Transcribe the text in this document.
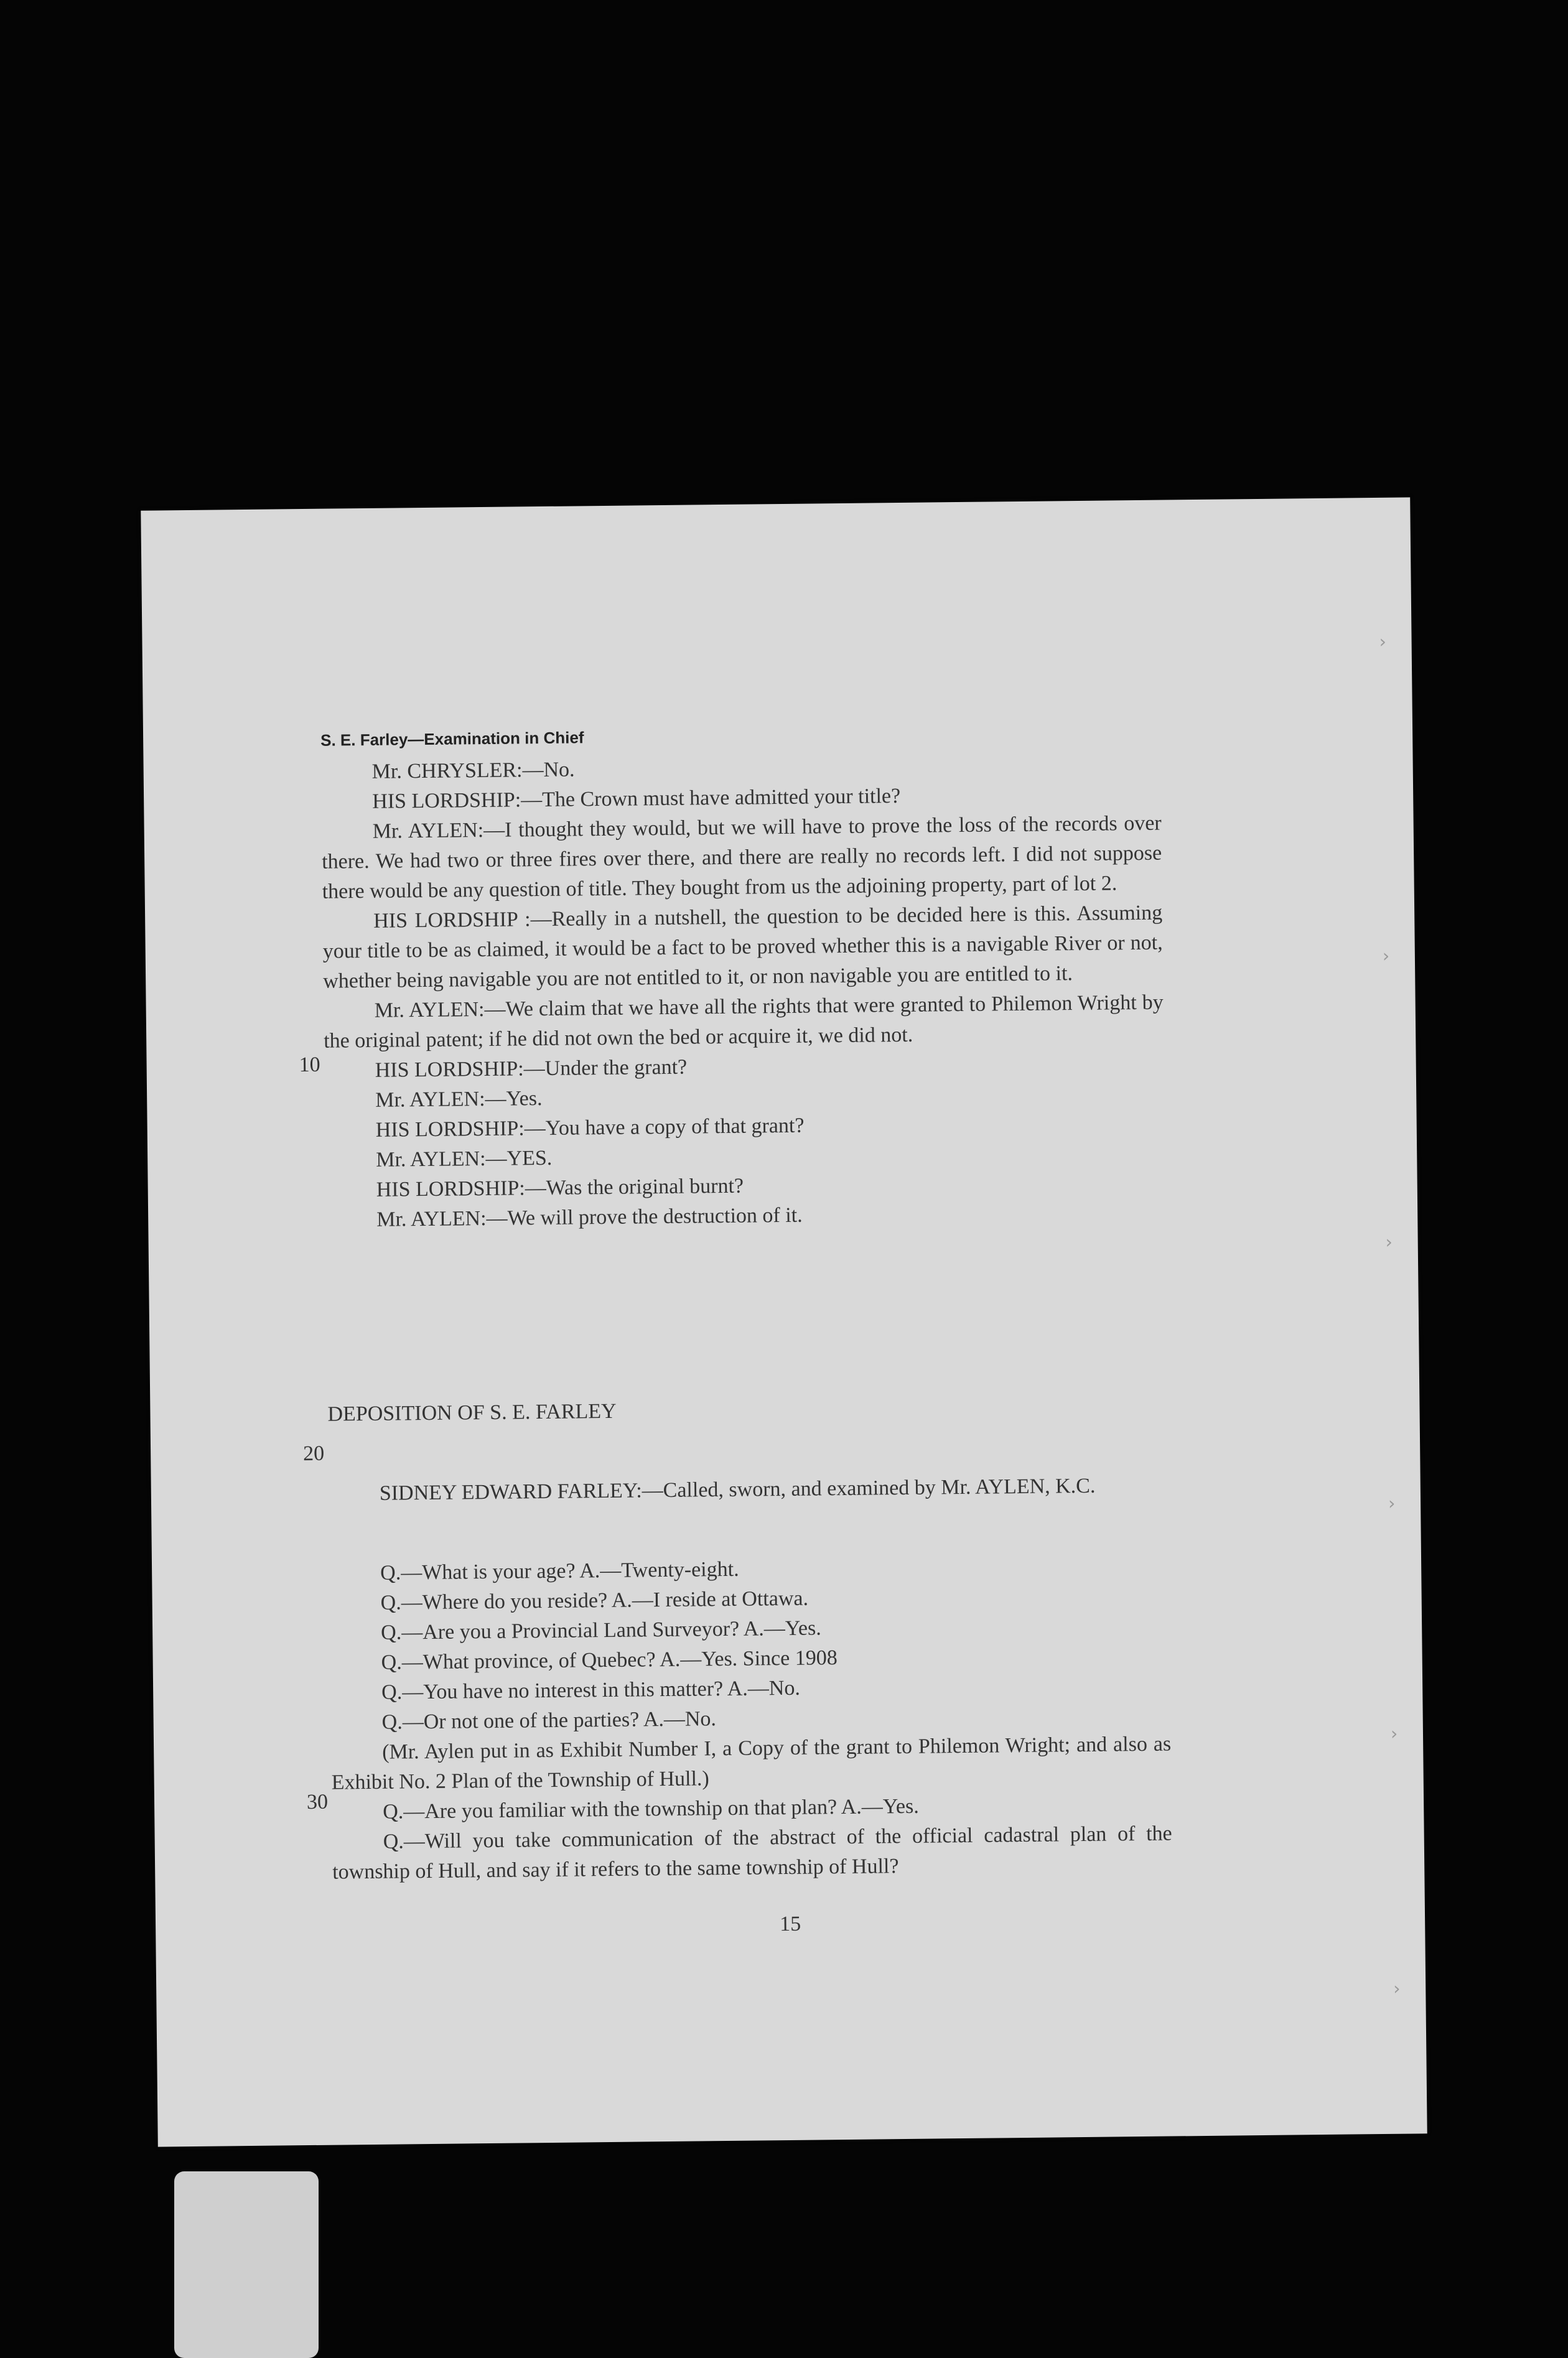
S. E. Farley—Examination in Chief

Mr. CHRYSLER:—No.

HIS LORDSHIP:—The Crown must have admitted your title?

Mr. AYLEN:—I thought they would, but we will have to prove the loss of the records over there. We had two or three fires over there, and there are really no records left. I did not suppose there would be any question of title. They bought from us the adjoining property, part of lot 2.

HIS LORDSHIP :—Really in a nutshell, the question to be decided here is this. Assuming your title to be as claimed, it would be a fact to be proved whether this is a navigable River or not, whether being navigable you are not entitled to it, or non navigable you are entitled to it.

Mr. AYLEN:—We claim that we have all the rights that were granted to Philemon Wright by the original patent; if he did not own the bed or acquire it, we did not.

HIS LORDSHIP:—Under the grant?

Mr. AYLEN:—Yes.

HIS LORDSHIP:—You have a copy of that grant?

Mr. AYLEN:—YES.

HIS LORDSHIP:—Was the original burnt?

Mr. AYLEN:—We will prove the destruction of it.

DEPOSITION OF S. E. FARLEY

SIDNEY EDWARD FARLEY:—Called, sworn, and examined by Mr. AYLEN, K.C.

Q.—What is your age? A.—Twenty-eight.

Q.—Where do you reside? A.—I reside at Ottawa.

Q.—Are you a Provincial Land Surveyor? A.—Yes.

Q.—What province, of Quebec? A.—Yes. Since 1908

Q.—You have no interest in this matter? A.—No.

Q.—Or not one of the parties? A.—No.

(Mr. Aylen put in as Exhibit Number I, a Copy of the grant to Philemon Wright; and also as Exhibit No. 2 Plan of the Township of Hull.)

Q.—Are you familiar with the township on that plan? A.—Yes.

Q.—Will you take communication of the abstract of the official cadastral plan of the township of Hull, and say if it refers to the same township of Hull?

10
20
30
15
›
›
›
›
›
›
